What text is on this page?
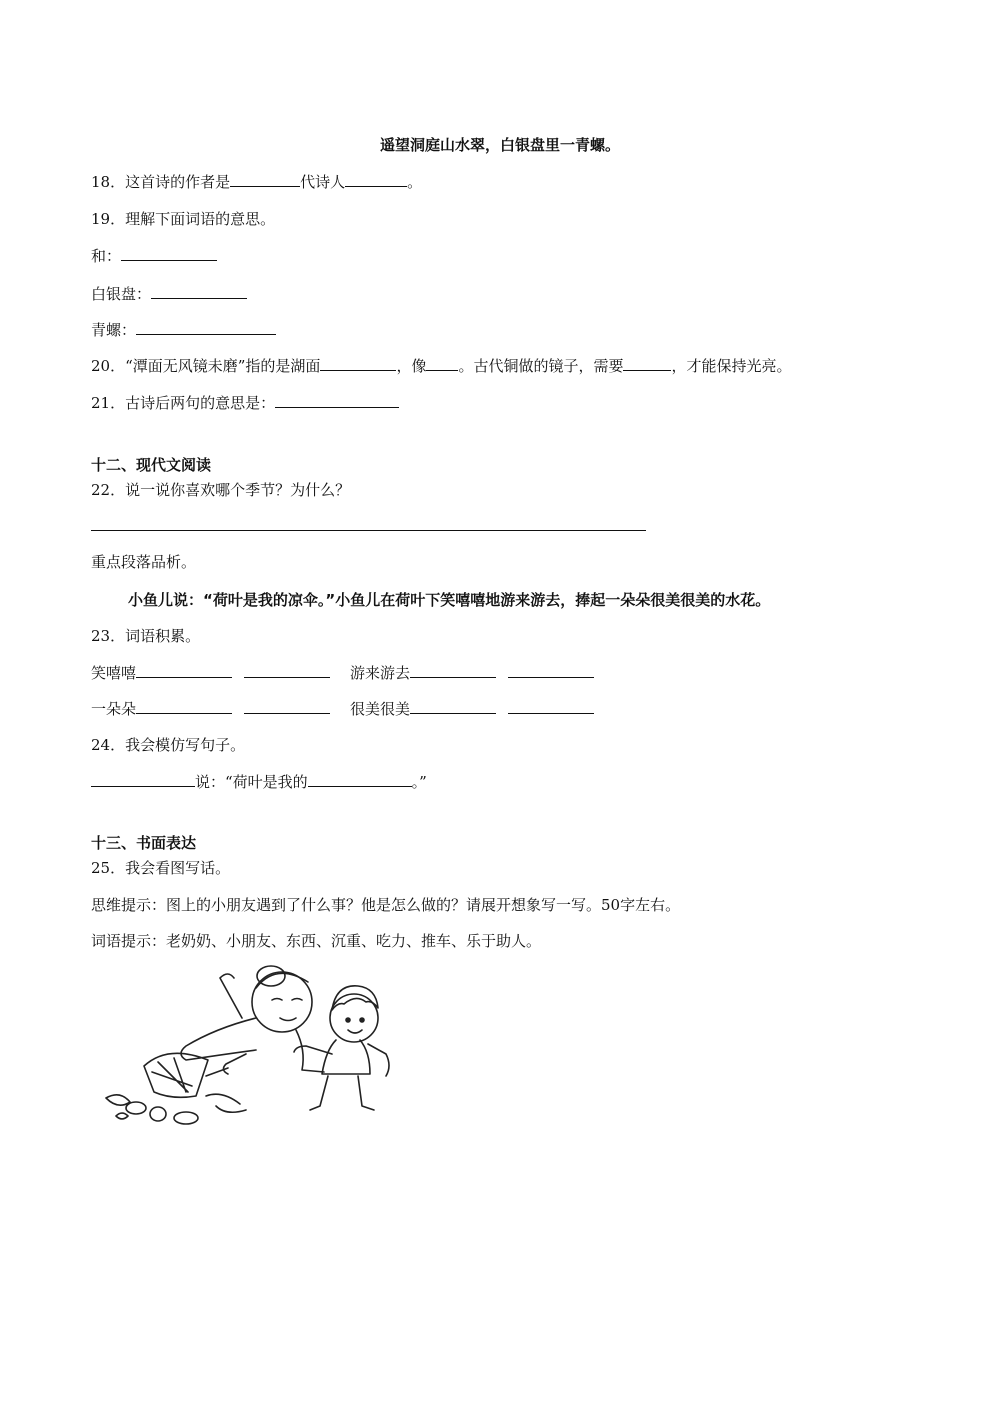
遥望洞庭山水翠，白银盘里一青螺。
18．这首诗的作者是	代诗人	。
19．理解下面词语的意思。
和：
白银盘：
青螺：
20．“潭面无风镜未磨”指的是湖面	，像 。古代铜做的镜子，需要	，才能保持光亮。
21．古诗后两句的意思是：
十二、现代文阅读
22．说一说你喜欢哪个季节？为什么？
重点段落品析。
小鱼儿说：“荷叶是我的凉伞。”小鱼儿在荷叶下笑嘻嘻地游来游去，捧起一朵朵很美很美的水花。
23．词语积累。
笑嘻嘻	游来游去
一朵朵	很美很美
24．我会模仿写句子。
说：“荷叶是我的	。”
十三、书面表达
25．我会看图写话。
思维提示：图上的小朋友遇到了什么事？他是怎么做的？请展开想象写一写。50字左右。
词语提示：老奶奶、小朋友、东西、沉重、吃力、推车、乐于助人。
